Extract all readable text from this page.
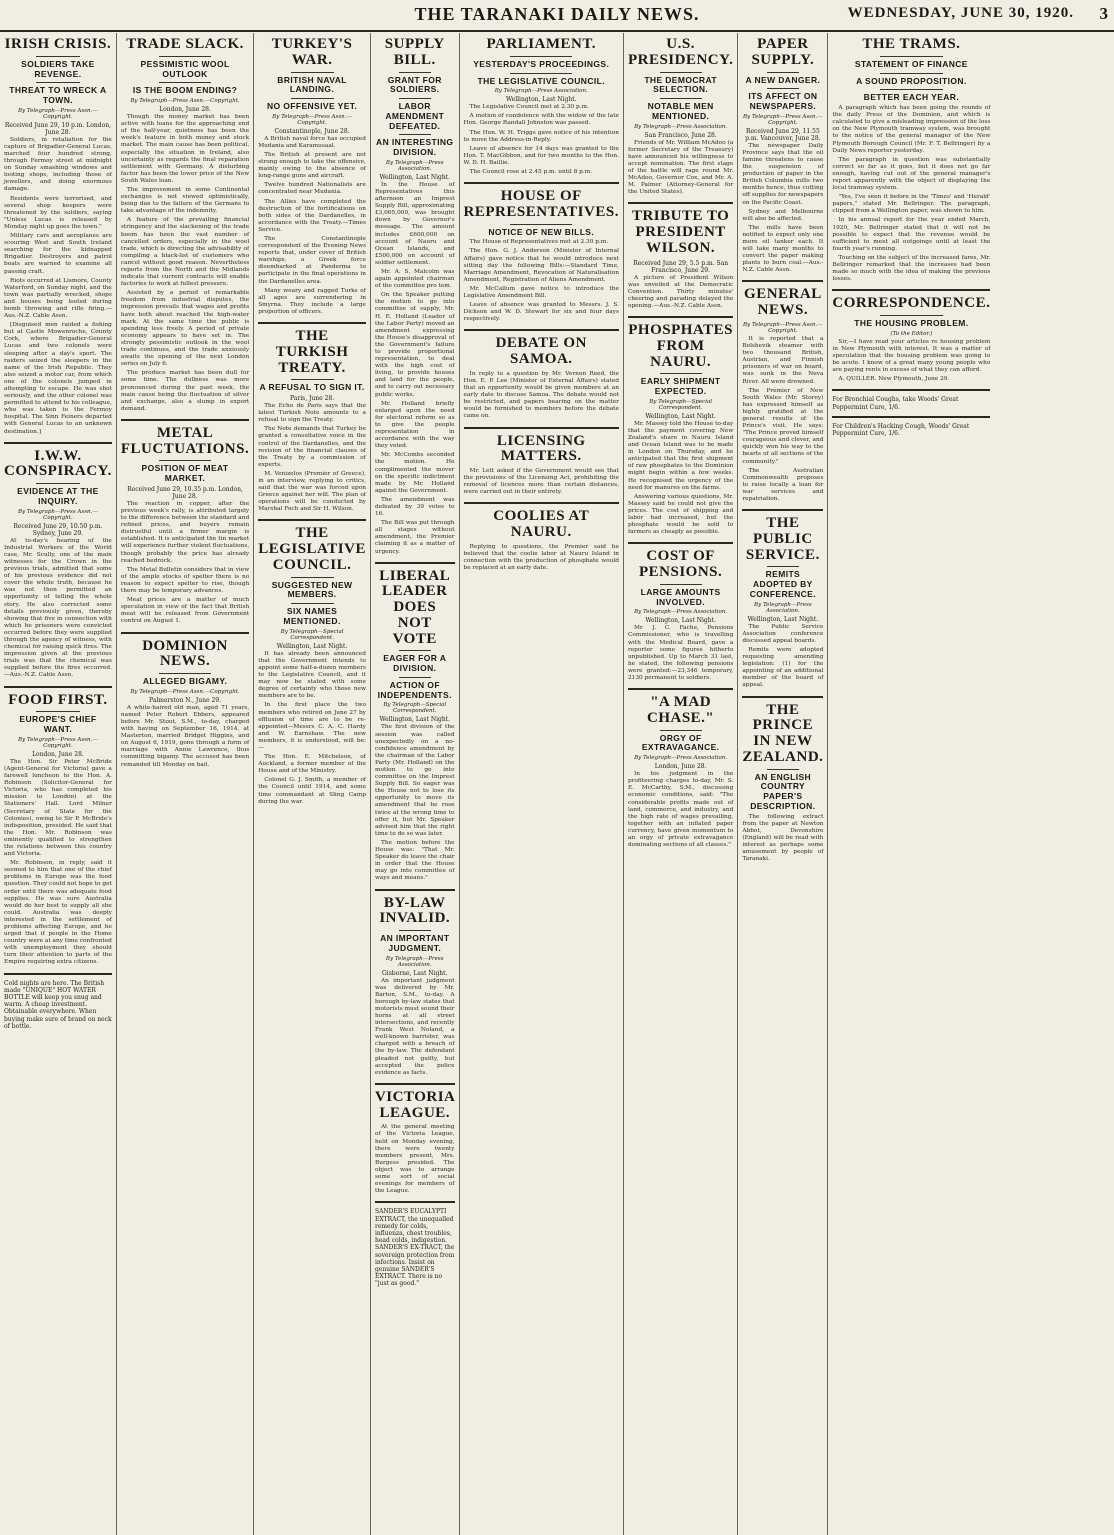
THE TARANAKI DAILY NEWS.	WEDNESDAY, JUNE 30, 1920. 3
IRISH CRISIS.
SOLDIERS TAKE REVENGE.
THREAT TO WRECK A TOWN.
By Telegraph—Press Assn.—Copyright.
Received June 29, 10 p.m. London, June 28.

Soldiers, in retaliation for the capture of Brigadier-General Lucas, marched four hundred strong, through Fermoy street at midnight on Sunday smashing windows and looting shops, including those of jewellers, and doing enormous damage.

Residents were terrorised, and several shop keepers were threatened by the soldiers, saying "Unless Lucas is released by Monday night up goes the town."

Military cars and aeroplanes are scouring West and South Ireland searching for the kidnapped Brigadier. Destroyers and patrol boats are warned to examine all passing craft.

Riots occurred at Lismore, County Waterford, on Sunday night, and the town was partially wrecked, shops and houses being looted during bomb throwing and rifle firing.—Aus.-N.Z. Cable Assn.

[Disguised men raided a fishing but at Castle Mowenroche, County Cork, where Brigadier-General Lucas and two colonels were sleeping after a day's sport. The raiders seized the sleepers in the name of the Irish Republic. They also seized a motor car, from which one of the colonels jumped in attempting to escape. He was shot seriously, and the other colonel was permitted to attend to his colleague, who was taken to the Fermoy hospital. The Sinn Feiners departed with General Lucas to an unknown destination.]

I.W.W. CONSPIRACY.
EVIDENCE AT THE INQUIRY.
By Telegraph—Press Assn.—Copyright.
Received June 29, 10.50 p.m. Sydney, June 29.

At to-day's hearing of the Industrial Workers of the World case, Mr. Scully, one of the main witnesses for the Crown in the previous trials, admitted that some of his previous evidence did not cover the whole truth, because he was not then permitted an opportunity of telling the whole story. He also corrected some details previously given, thereby showing that five in connection with which he prisoners were convicted occurred before they were supplied through the agency of witness, with chemical for raising quick fires. The impression given at the previous trials was that the chemical was supplied before the fires occurred.—Aus.-N.Z. Cable Assn.

FOOD FIRST.
EUROPE'S CHIEF WANT.
By Telegraph—Press Assn.—Copyright.
London, June 28.

The Hon. Sir Peter McBride (Agent-General for Victoria) gave a farewell luncheon to the Hon. A. Robinson (Solicitor-General for Victoria, who has completed his mission to London) at the Stationers' Hall. Lord Milner (Secretary of State for the Colonies), owing to Sir P. McBride's indisposition, presided. He said that the Hon. Mr. Robinson was eminently qualified to strengthen the relations between this country and Victoria.

Mr. Robinson, in reply, said it seemed to him that one of the chief problems in Europe was the food question. They could not hope to get order until there was adequate food supplies. He was sure Australia would do her best to supply all she could. Australia was deeply interested in the settlement of problems affecting Europe, and he urged that if people in the Home country were at any time confronted with unemployment they should turn their attention to parts of the Empire requiring extra citizens.

Cold nights are here. The British made "UNIQUE" HOT WATER BOTTLE will keep you snug and warm. A cheap investment. Obtainable everywhere. When buying make sure of brand on neck of bottle.
TRADE SLACK.
PESSIMISTIC WOOL OUTLOOK
IS THE BOOM ENDING?
By Telegraph—Press Assn.—Copyright.
London, June 28.

Though the money market has been active with loans for the approaching end of the half-year, quietness has been the week's feature in both money and stock market. The main cause has been political, especially the situation in Ireland, also uncertainty as regards the final reparation settlement with Germany. A disturbing factor has been the lower price of the New South Wales loan.

The improvement in some Continental exchanges is not viewed optimistically, being due to the failure of the Germans to take advantage of the indemnity.

A feature of the prevailing financial stringency and the slackening of the trade boom has been the vast number of cancelled orders, especially in the wool trade, which is directing the advisability of compiling a black-list of customers who cancel without good reason. Nevertheless reports from the North and the Midlands indicate that current contracts will enable factories to work at fullest pressure.

Assisted by a period of remarkable freedom from industrial disputes, the impression prevails that wages and profits have both about reached the high-water mark. At the same time the public is spending less freely. A period of private economy appears to have set in. The strongly pessimistic outlook in the wool trade continues, and the trade anxiously awaits the opening of the next London series on July 6.

The produce market has been dull for some time. The dullness was more pronounced during the past week, the main cause being the fluctuation of silver and exchange, also a slump in export demand.

METAL FLUCTUATIONS.
POSITION OF MEAT MARKET.
Received June 29, 10.35 p.m. London, June 28.

The reaction in copper, after the previous week's rally, is attributed largely to the difference between the standard and refined prices, and buyers remain distrustful until a firmer margin is established. It is anticipated the tin market will experience further violent fluctuations, though probably the price has already reached bedrock.

The Metal Bulletin considers that in view of the ample stocks of spelter there is no reason to expect spelter to rise, though there may be temporary advances.

Meat prices are a matter of much speculation in view of the fact that British meat will be released from Government control on August 1.

DOMINION NEWS.
ALLEGED BIGAMY.
By Telegraph—Press Assn.—Copyright.
Palmerston N., June 29.

A white-haired old man, aged 71 years, named Peter Robert Ebbers, appeared before Mr. Stout, S.M., to-day, charged with having on September 16, 1914, at Masterton, married Bridget Higgins, and on August 6, 1919, gone through a form of marriage with Annie Lawrence, thus committing bigamy. The accused has been remanded till Monday on bail.

TURKEY'S WAR.
BRITISH NAVAL LANDING.
NO OFFENSIVE YET.
By Telegraph—Press Assn.—Copyright.
Constantinople, June 28.

A British naval force has occupied Mudania and Karamusaal.

The British at present are not strong enough to take the offensive, mainly owing to the absence of long-range guns and aircraft.

Twelve hundred Nationalists are concentrated near Mudania.

The Allies have completed the destruction of the fortifications on both sides of the Dardanelles, in accordance with the Treaty.—Times Service.

The Constantinople correspondent of the Evening News reports that, under cover of British warships, a Greek force disembarked at Panderma to participate in the final operations in the Dardanelles area.

Many weary and ragged Turks of all ages are surrendering in Smyrna. They include a large proportion of officers.

THE TURKISH TREATY.
A REFUSAL TO SIGN IT.
Paris, June 28.

The Echo de Paris says that the latest Turkish Note amounts to a refusal to sign the Treaty.

The Note demands that Turkey be granted a consultative voice in the control of the Dardanelles, and the revision of the financial clauses of the Treaty by a commission of experts.

M. Venizelos (Premier of Greece), in an interview, replying to critics, said that the war was forced upon Greece against her will. The plan of operations will be conducted by Marshal Foch and Sir H. Wilson.

THE LEGISLATIVE COUNCIL.
SUGGESTED NEW MEMBERS.
SIX NAMES MENTIONED.
By Telegraph—Special Correspondent.
Wellington, Last Night.

It has already been announced that the Government intends to appoint some half-a-dozen members to the Legislative Council, and it may now be stated with some degree of certainty who those new members are to be.

In the first place the two members who retired on June 27 by effluxion of time are to be re-appointed—Messrs C. A. C. Hardy and W. Earnshaw. The new members, it is understood, will be:—

The Hon. E. Mitchelson, of Auckland, a former member of the House and of the Ministry.

Colonel G. J. Smith, a member of the Council until 1914, and some time commandant at Sling Camp during the war.

SUPPLY BILL.
GRANT FOR SOLDIERS.
LABOR AMENDMENT DEFEATED.
AN INTERESTING DIVISION.
By Telegraph—Press Association.
Wellington, Last Night.

In the House of Representatives this afternoon an Imprest Supply Bill, approximating £3,065,000, was brought down by Governor's message. The amount includes £600,000 on account of Nauru and Ocean Islands, and £500,000 on account of soldier settlement.

Mr. A. S. Malcolm was again appointed chairman of the committee pro tem.

On the Speaker putting the motion to go into committee of supply, Mr. H. E. Holland (Leader of the Labor Party) moved an amendment expressing the House's disapproval of the Government's failure to provide proportional representation, to deal with the high cost of living, to provide houses and land for the people, and to carry out necessary public works.

Mr. Holland briefly enlarged upon the need for electoral reform so as to give the people representation in accordance with the way they voted.

Mr. McCombs seconded the motion. He complimented the mover on the specific indictment made by Mr. Holland against the Government.

The amendment was defeated by 39 votes to 16.

The Bill was put through all stages without amendment, the Premier claiming it as a matter of urgency.

LIBERAL LEADER DOES NOT VOTE
EAGER FOR A DIVISION.
ACTION OF INDEPENDENTS.
By Telegraph—Special Correspondent.
Wellington, Last Night.

The first division of the session was called unexpectedly on a no-confidence amendment by the chairman of the Labor Party (Mr. Holland) on the motion to go into committee on the Imprest Supply Bill. So eager was the House not to lose its opportunity to move its amendment that he rose twice at the wrong time to offer it, but Mr. Speaker advised him that the right time to do so was later.

The motion before the House was: "That Mr. Speaker do leave the chair in order that the House may go into committee of ways and means."

BY-LAW INVALID.
AN IMPORTANT JUDGMENT.
By Telegraph—Press Association.
Gisborne, Last Night.

An important judgment was delivered by Mr. Barton, S.M., to-day. A borough by-law states that motorists must sound their horns at all street intersections, and recently Frank West Noland, a well-known barrister, was charged with a breach of the by-law. The defendant pleaded not guilty, but accepted the police evidence as facts.

VICTORIA LEAGUE.

At the general meeting of the Victoria League, held on Monday evening, there were twenty members present, Mrs. Burgess presided. The object was to arrange some sort of social evenings for members of the League.

SANDER'S EUCALYPTI EXTRACT, the unequalled remedy for colds, influenza, chest troubles, head colds, indigestion. SANDER'S EX-TRACT, the sovereign protection from infections. Insist on genuine SANDER'S EXTRACT. There is no "just as good."
PARLIAMENT.
YESTERDAY'S PROCEEDINGS.
THE LEGISLATIVE COUNCIL.
By Telegraph—Press Association.
Wellington, Last Night.

The Legislative Council met at 2.30 p.m.

A motion of condolence with the widow of the late Hon. George Randall Johnston was passed.

The Hon. W. H. Triggs gave notice of his intention to move the Address-in-Reply.

Leave of absence for 14 days was granted to the Hon. T. MacGibbon, and for two months to the Hon. W. D. H. Baillie.

The Council rose at 2.45 p.m. until 8 p.m.

HOUSE OF REPRESENTATIVES.
NOTICE OF NEW BILLS.

The House of Representatives met at 2.30 p.m.

The Hon. G. J. Anderson (Minister of Internal Affairs) gave notice that he would introduce next sitting day the following Bills:—Standard Time, Marriage Amendment, Revocation of Naturalisation Amendment, Registration of Aliens Amendment.

Mr. McCallum gave notice to introduce the Legislative Amendment Bill.

Leave of absence was granted to Messrs. J. S. Dickson and W. D. Stewart for six and four days respectively.

DEBATE ON SAMOA.

In reply to a question by Mr. Vernon Reed, the Hon. E. P. Lee (Minister of External Affairs) stated that an opportunity would be given members at an early date to discuss Samoa. The debate would not be restricted, and papers bearing on the matter would be furnished to members before the debate came on.

LICENSING MATTERS.

Mr. Lett asked if the Government would see that the provisions of the Licensing Act, prohibiting the removal of licences more than certain distances, were carried out in their entirety.

COOLIES AT NAURU.

Replying to questions, the Premier said he believed that the coolie labor at Nauru Island in connection with the production of phosphate would be replaced at an early date.

U.S. PRESIDENCY.
THE DEMOCRAT SELECTION.
NOTABLE MEN MENTIONED.
By Telegraph—Press Association.
San Francisco, June 28.

Friends of Mr. William McAdoo (a former Secretary of the Treasury) have announced his willingness to accept nomination. The first stage of the battle will rage round Mr. McAdoo, Governor Cox, and Mr. A. M. Palmer (Attorney-General for the United States).

TRIBUTE TO PRESIDENT WILSON.
Received June 29, 5.5 p.m. San Francisco, June 29.

A picture of President Wilson was unveiled at the Democratic Convention. Thirty minutes' cheering and parading delayed the opening.—Aus.-N.Z. Cable Assn.

PHOSPHATES FROM NAURU.
EARLY SHIPMENT EXPECTED.
By Telegraph—Special Correspondent.
Wellington, Last Night.

Mr. Massey told the House to-day that the payment covering New Zealand's share in Nauru Island and Ocean Island was to be made in London on Thursday, and he anticipated that the first shipment of raw phosphates to the Dominion might begin within a few weeks. He recognised the urgency of the need for manures on the farms.

Answering various questions, Mr. Massey said he could not give the prices. The cost of shipping and labor had increased, but the phosphate would be sold to farmers as cheaply as possible.

COST OF PENSIONS.
LARGE AMOUNTS INVOLVED.
By Telegraph—Press Association.
Wellington, Last Night.

Mr. J. C. Fache, Pensions Commissioner, who is travelling with the Medical Board, gave a reporter some figures hitherto unpublished. Up to March 31 last, he stated, the following pensions were granted:—23,346 temporary, 2130 permanent to soldiers.

"A MAD CHASE."
ORGY OF EXTRAVAGANCE.
By Telegraph—Press Association.
London, June 28.

In his judgment in the profiteering charges to-day, Mr. S. E. McCarthy, S.M., discussing economic conditions, said: "The considerable profits made out of land, commerce, and industry, and the high rate of wages prevailing, together with an inflated paper currency, have given momentum to an orgy of private extravagance dominating sections of all classes."

PAPER SUPPLY.
A NEW DANGER.
ITS AFFECT ON NEWSPAPERS.
By Telegraph—Press Assn.—Copyright.
Received June 29, 11.55 p.m. Vancouver, June 28.

The newspaper Daily Province says that the oil famine threatens to cause the suspension of production of paper in the British Columbia mills two months hence, thus cutting off supplies for newspapers on the Pacific Coast.

Sydney and Melbourne will also be affected.

The mills have been notified to expect only one more oil tanker each. It will take many months to convert the paper making plants to burn coal.—Aus.-N.Z. Cable Assn.

GENERAL NEWS.
By Telegraph—Press Assn.—Copyright.

It is reported that a Bolshevik steamer with two thousand British, Austrian, and Finnish prisoners of war on board, was sunk in the Neva River. All were drowned.

The Premier of New South Wales (Mr. Storey) has expressed himself as highly gratified at the general results of the Prince's visit. He says: "The Prince proved himself courageous and clever, and quickly won his way to the hearts of all sections of the community."

The Australian Commonwealth proposes to raise locally a loan for war services and repatriation.

THE PUBLIC SERVICE.
REMITS ADOPTED BY CONFERENCE.
By Telegraph—Press Association.
Wellington, Last Night.

The Public Service Association conference discussed appeal boards.

Remits were adopted requesting amending legislation: (1) for the appointing of an additional member of the board of appeal.

THE PRINCE IN NEW ZEALAND.
AN ENGLISH COUNTRY PAPER'S DESCRIPTION.

The following extract from the paper at Newton Abbot, Devonshire (England) will be read with interest as perhaps some amusement by people of Taranaki.

THE TRAMS.
STATEMENT OF FINANCE
A SOUND PROPOSITION.
BETTER EACH YEAR.

A paragraph which has been going the rounds of the daily Press of the Dominion, and which is calculated to give a misleading impression of the loss on the New Plymouth tramway system, was brought to the notice of the general manager of the New Plymouth Borough Council (Mr. F. T. Bellringer) by a Daily News reporter yesterday.

The paragraph in question was substantially correct so far as it goes, but it does not go far enough, having cut out of the general manager's report apparently with the object of displaying the local tramway system.

"Yes, I've seen it before in the 'Times' and 'Herald' papers," stated Mr. Bellringer. The paragraph, clipped from a Wellington paper, was shown to him.

In his annual report for the year ended March, 1920, Mr. Bellringer stated that it will not be possible to expect that the revenue would be sufficient to meet all outgoings until at least the fourth year's running.

Touching on the subject of the increased fares, Mr. Bellringer remarked that the increases had been made so much with the idea of making the previous losses.

CORRESPONDENCE.
THE HOUSING PROBLEM.
(To the Editor.)

Sir,—I have read your articles re housing problem in New Plymouth with interest. It was a matter of speculation that the housing problem was going to be acute. I know of a great many young people who are paying rents in excess of what they can afford.

A. QUILLER. New Plymouth, June 29.

For Bronchial Coughs, take Woods' Great Peppermint Cure, 1/6.
For Children's Hacking Cough, Woods' Great Peppermint Cure, 1/6.
